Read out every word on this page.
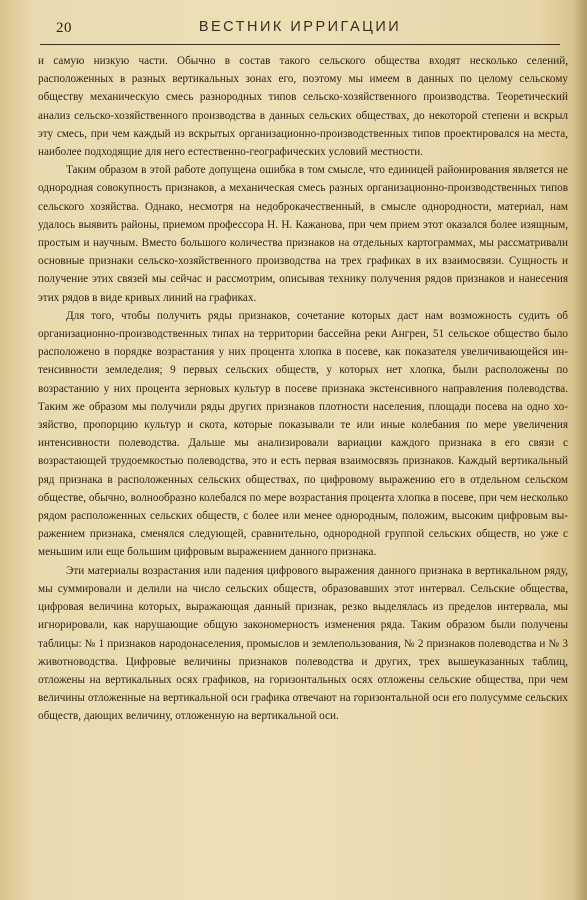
20	ВЕСТНИК ИРРИГАЦИИ

и самую низкую части. Обычно в состав такого сельского общества входят несколько селений, расположенных в разных вертикальных зонах его, поэтому мы имеем в данных по целому сельскому обществу механическую смесь разнородных типов сельско-хозяйственного производства. Теоретический анализ сельско-хозяйственного производства в данных сельских обществах, до некоторой степени и вскрыл эту смесь, при чем каждый из вскрытых организационно-производственных типов проектировался на места, наиболее подходящие для него естественно-географических условий местности.

Таким образом в этой работе допущена ошибка в том смысле, что единицей районирования является не однородная совокупность признаков, а механическая смесь разных организационно-производственных типов сельского хозяйства. Однако, несмотря на недоброкачественный, в смысле однородности, материал, нам удалось выявить районы, приемом профессора Н. Н. Кажанова, при чем прием этот оказался более изящным, простым и научным. Вместо большого количества признаков на отдельных картограммах, мы рассматривали основные признаки сельско-хозяйственного производства на трех графиках в их взаимосвязи. Сущность и получение этих связей мы сейчас и рассмотрим, описывая технику получения рядов признаков и нанесения этих рядов в виде кривых линий на графиках.

Для того, чтобы получить ряды признаков, сочетание которых даст нам возможность судить об организационно-производственных типах на территории бассейна реки Ангрен, 51 сельское общество было расположено в порядке возрастания у них процента хлопка в посеве, как показателя увеличивающейся интенсивности земледелия; 9 первых сельских обществ, у которых нет хлопка, были расположены по возрастанию у них процента зерновых культур в посеве признака экстенсивного направления полеводства. Таким же образом мы получили ряды других признаков плотности населения, площади посева на одно хозяйство, пропорцию культур и скота, которые показывали те или иные колебания по мере увеличения интенсивности полеводства. Дальше мы анализировали вариации каждого признака в его связи с возрастающей трудоемкостью полеводства, это и есть первая взаимосвязь признаков. Каждый вертикальный ряд признака в расположенных сельских обществах, по цифровому выражению его в отдельном сельском обществе, обычно, волнообразно колебался по мере возрастания процента хлопка в посеве, при чем несколько рядом расположенных сельских обществ, с более или менее однородным, положим, высоким цифровым выражением признака, сменялся следующей, сравнительно, однородной группой сельских обществ, но уже с меньшим или еще большим цифровым выражением данного признака.

Эти материалы возрастания или падения цифрового выражения данного признака в вертикальном ряду, мы суммировали и делили на число сельских обществ, образовавших этот интервал. Сельские общества, цифровая величина которых, выражающая данный признак, резко выделялась из пределов интервала, мы игнорировали, как нарушающие общую закономерность изменения ряда. Таким образом были получены таблицы: № 1 признаков народонаселения, промыслов и землепользования, № 2 признаков полеводства и № 3 животноводства. Цифровые величины признаков полеводства и других, трех вышеуказанных таблиц, отложены на вертикальных осях графиков, на горизонтальных осях отложены сельские общества, при чем величины отложенные на вертикальной оси графика отвечают на горизонтальной оси его полусумме сельских обществ, дающих величину, отложенную на вертикальной оси.
